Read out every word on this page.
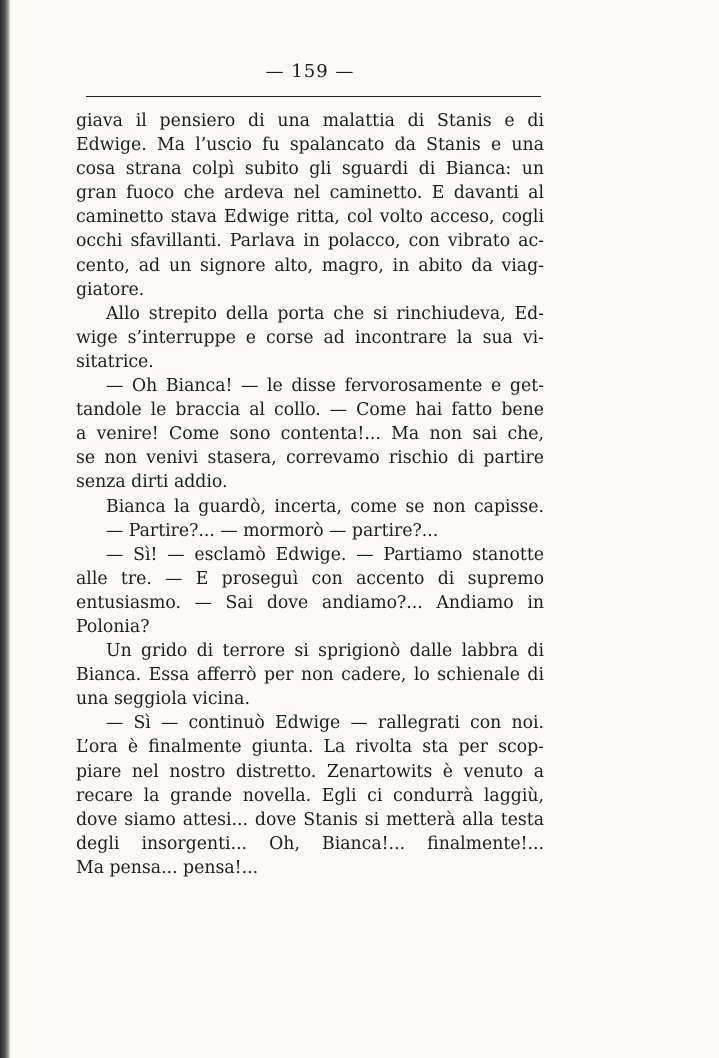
— 159 —
giava il pensiero di una malattia di Stanis e di
Edwige. Ma l’uscio fu spalancato da Stanis e una
cosa strana colpì subito gli sguardi di Bianca: un
gran fuoco che ardeva nel caminetto. E davanti al
caminetto stava Edwige ritta, col volto acceso, cogli
occhi sfavillanti. Parlava in polacco, con vibrato ac-
cento, ad un signore alto, magro, in abito da viag-
giatore.
Allo strepito della porta che si rinchiudeva, Ed-
wige s’interruppe e corse ad incontrare la sua vi-
sitatrice.
— Oh Bianca! — le disse fervorosamente e get-
tandole le braccia al collo. — Come hai fatto bene
a venire! Come sono contenta!... Ma non sai che,
se non venivi stasera, correvamo rischio di partire
senza dirti addio.
Bianca la guardò, incerta, come se non capisse.
— Partire?... — mormorò — partire?...
— Sì! — esclamò Edwige. — Partiamo stanotte
alle tre. — E proseguì con accento di supremo
entusiasmo. — Sai dove andiamo?... Andiamo in
Polonia?
Un grido di terrore si sprigionò dalle labbra di
Bianca. Essa afferrò per non cadere, lo schienale di
una seggiola vicina.
— Sì — continuò Edwige — rallegrati con noi.
L’ora è finalmente giunta. La rivolta sta per scop-
piare nel nostro distretto. Zenartowits è venuto a
recare la grande novella. Egli ci condurrà laggiù,
dove siamo attesi... dove Stanis si metterà alla testa
degli insorgenti... Oh, Bianca!... finalmente!...
Ma pensa... pensa!...
